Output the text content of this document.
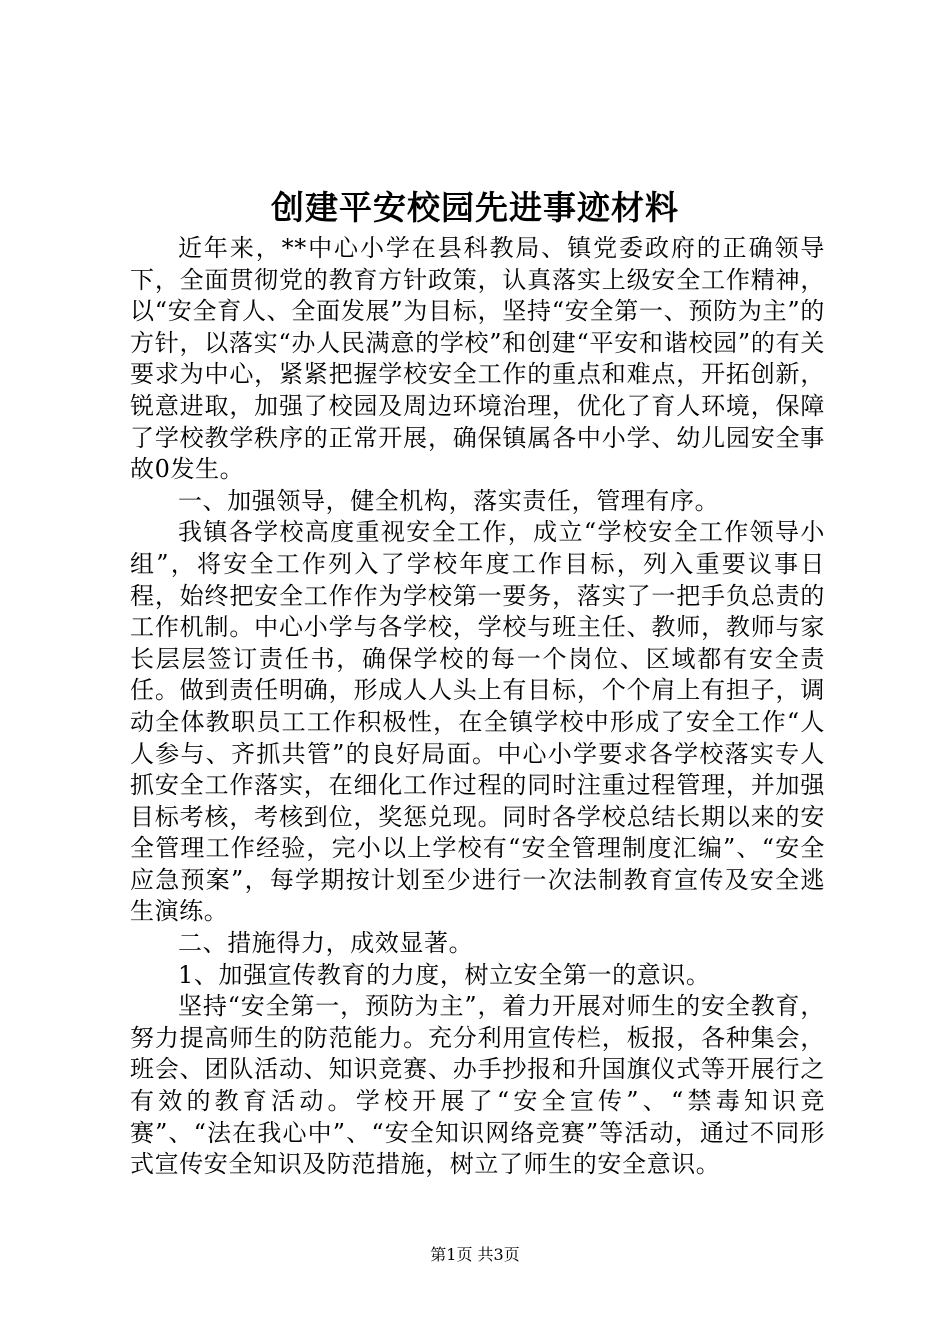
创建平安校园先进事迹材料

近年来，**中心小学在县科教局、镇党委政府的正确领导下，全面贯彻党的教育方针政策，认真落实上级安全工作精神，以“安全育人、全面发展”为目标，坚持“安全第一、预防为主”的方针，以落实“办人民满意的学校”和创建“平安和谐校园”的有关要求为中心，紧紧把握学校安全工作的重点和难点，开拓创新，锐意进取，加强了校园及周边环境治理，优化了育人环境，保障了学校教学秩序的正常开展，确保镇属各中小学、幼儿园安全事故0发生。

一、加强领导，健全机构，落实责任，管理有序。

我镇各学校高度重视安全工作，成立“学校安全工作领导小组”，将安全工作列入了学校年度工作目标，列入重要议事日程，始终把安全工作作为学校第一要务，落实了一把手负总责的工作机制。中心小学与各学校，学校与班主任、教师，教师与家长层层签订责任书，确保学校的每一个岗位、区域都有安全责任。做到责任明确，形成人人头上有目标，个个肩上有担子，调动全体教职员工工作积极性，在全镇学校中形成了安全工作“人人参与、齐抓共管”的良好局面。中心小学要求各学校落实专人抓安全工作落实，在细化工作过程的同时注重过程管理，并加强目标考核，考核到位，奖惩兑现。同时各学校总结长期以来的安全管理工作经验，完小以上学校有“安全管理制度汇编”、“安全应急预案”，每学期按计划至少进行一次法制教育宣传及安全逃生演练。

二、措施得力，成效显著。

1、加强宣传教育的力度，树立安全第一的意识。

坚持“安全第一，预防为主”，着力开展对师生的安全教育，努力提高师生的防范能力。充分利用宣传栏，板报，各种集会，班会、团队活动、知识竞赛、办手抄报和升国旗仪式等开展行之有效的教育活动。学校开展了“安全宣传”、“禁毒知识竞赛”、“法在我心中”、“安全知识网络竞赛”等活动，通过不同形式宣传安全知识及防范措施，树立了师生的安全意识。

第1页 共3页
